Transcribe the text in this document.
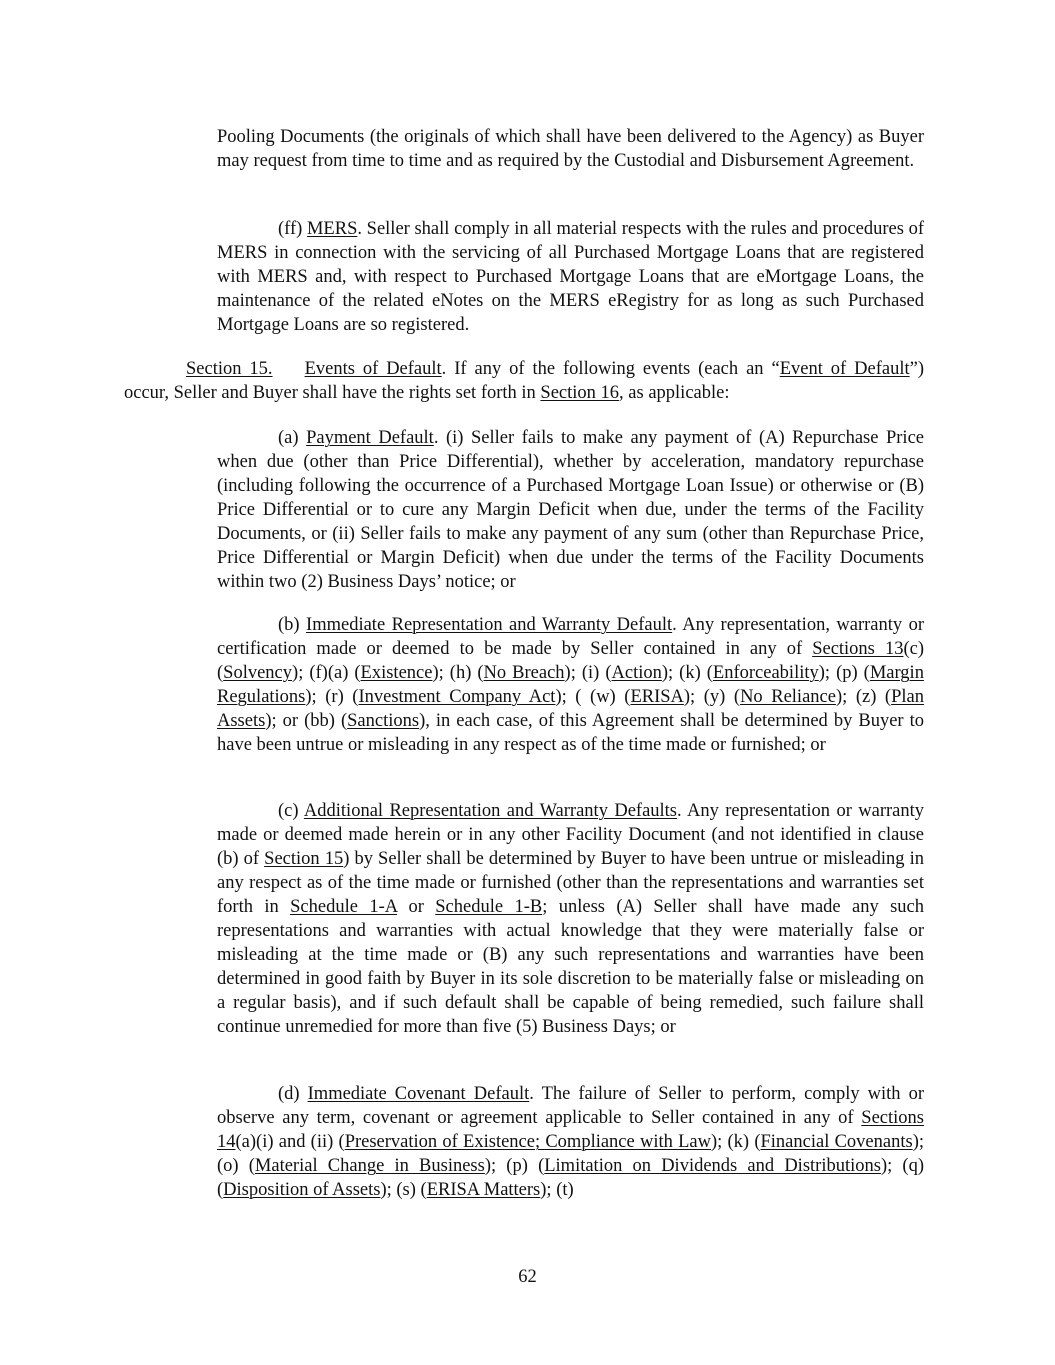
Pooling Documents (the originals of which shall have been delivered to the Agency) as Buyer may request from time to time and as required by the Custodial and Disbursement Agreement.

(ff) MERS. Seller shall comply in all material respects with the rules and procedures of MERS in connection with the servicing of all Purchased Mortgage Loans that are registered with MERS and, with respect to Purchased Mortgage Loans that are eMortgage Loans, the maintenance of the related eNotes on the MERS eRegistry for as long as such Purchased Mortgage Loans are so registered.

Section 15. Events of Default. If any of the following events (each an “Event of Default”) occur, Seller and Buyer shall have the rights set forth in Section 16, as applicable:

(a) Payment Default. (i) Seller fails to make any payment of (A) Repurchase Price when due (other than Price Differential), whether by acceleration, mandatory repurchase (including following the occurrence of a Purchased Mortgage Loan Issue) or otherwise or (B) Price Differential or to cure any Margin Deficit when due, under the terms of the Facility Documents, or (ii) Seller fails to make any payment of any sum (other than Repurchase Price, Price Differential or Margin Deficit) when due under the terms of the Facility Documents within two (2) Business Days’ notice; or

(b) Immediate Representation and Warranty Default. Any representation, warranty or certification made or deemed to be made by Seller contained in any of Sections 13(c) (Solvency); (f)(a) (Existence); (h) (No Breach); (i) (Action); (k) (Enforceability); (p) (Margin Regulations); (r) (Investment Company Act); ( (w) (ERISA); (y) (No Reliance); (z) (Plan Assets); or (bb) (Sanctions), in each case, of this Agreement shall be determined by Buyer to have been untrue or misleading in any respect as of the time made or furnished; or

(c) Additional Representation and Warranty Defaults. Any representation or warranty made or deemed made herein or in any other Facility Document (and not identified in clause (b) of Section 15) by Seller shall be determined by Buyer to have been untrue or misleading in any respect as of the time made or furnished (other than the representations and warranties set forth in Schedule 1-A or Schedule 1-B; unless (A) Seller shall have made any such representations and warranties with actual knowledge that they were materially false or misleading at the time made or (B) any such representations and warranties have been determined in good faith by Buyer in its sole discretion to be materially false or misleading on a regular basis), and if such default shall be capable of being remedied, such failure shall continue unremedied for more than five (5) Business Days; or

(d) Immediate Covenant Default. The failure of Seller to perform, comply with or observe any term, covenant or agreement applicable to Seller contained in any of Sections 14(a)(i) and (ii) (Preservation of Existence; Compliance with Law); (k) (Financial Covenants); (o) (Material Change in Business); (p) (Limitation on Dividends and Distributions); (q) (Disposition of Assets); (s) (ERISA Matters); (t)

62
